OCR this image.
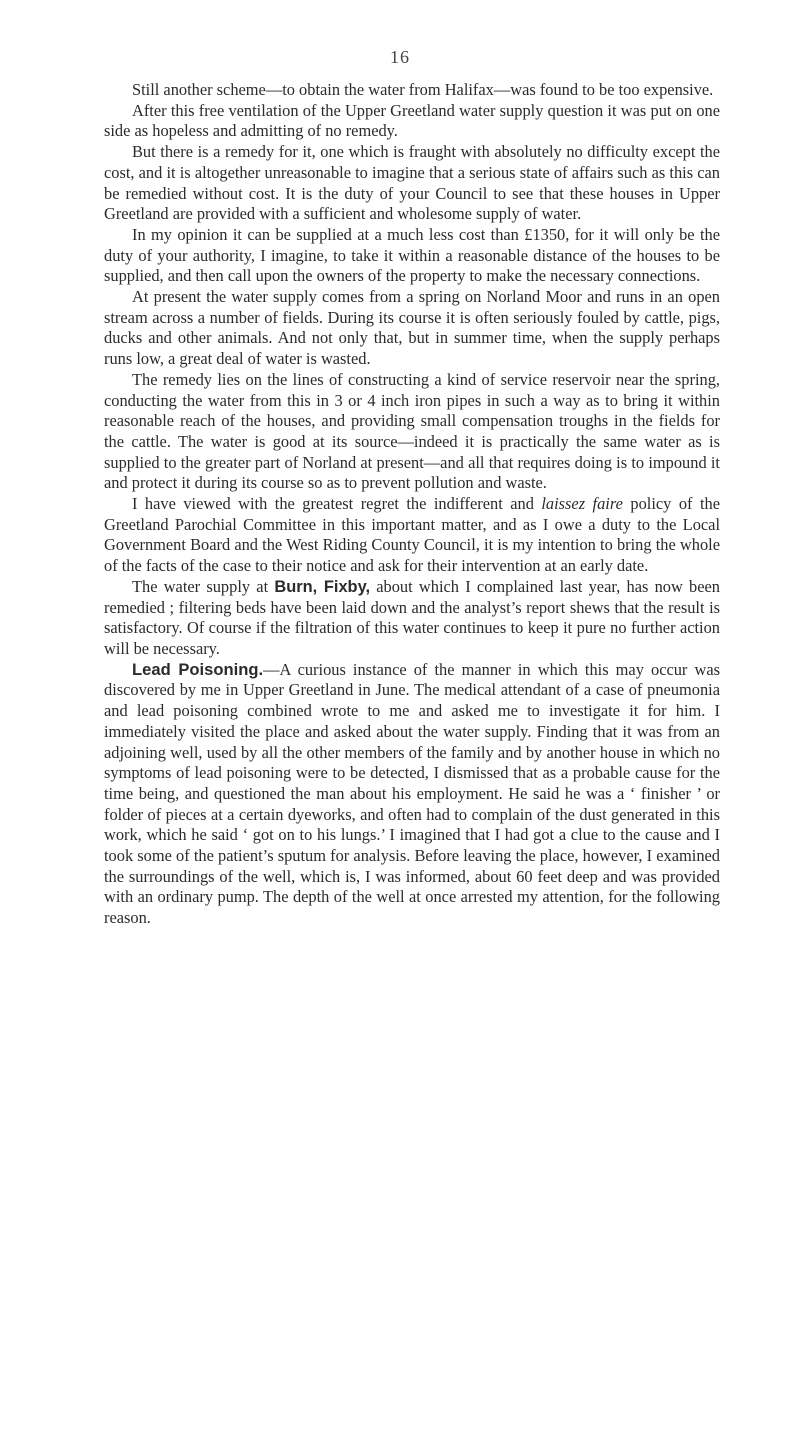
16

Still another scheme—to obtain the water from Halifax—was found to be too expensive.

After this free ventilation of the Upper Greetland water supply question it was put on one side as hopeless and admitting of no remedy.

But there is a remedy for it, one which is fraught with absolutely no difficulty except the cost, and it is altogether unreasonable to imagine that a serious state of affairs such as this can be remedied without cost. It is the duty of your Council to see that these houses in Upper Greetland are provided with a sufficient and wholesome supply of water.

In my opinion it can be supplied at a much less cost than £1350, for it will only be the duty of your authority, I imagine, to take it within a reasonable distance of the houses to be supplied, and then call upon the owners of the property to make the necessary connections.

At present the water supply comes from a spring on Norland Moor and runs in an open stream across a number of fields. During its course it is often seriously fouled by cattle, pigs, ducks and other animals. And not only that, but in summer time, when the supply perhaps runs low, a great deal of water is wasted.

The remedy lies on the lines of constructing a kind of service reservoir near the spring, conducting the water from this in 3 or 4 inch iron pipes in such a way as to bring it within reasonable reach of the houses, and providing small compensation troughs in the fields for the cattle. The water is good at its source—indeed it is practically the same water as is supplied to the greater part of Norland at present—and all that requires doing is to impound it and protect it during its course so as to prevent pollution and waste.

I have viewed with the greatest regret the indifferent and laissez faire policy of the Greetland Parochial Committee in this important matter, and as I owe a duty to the Local Government Board and the West Riding County Council, it is my intention to bring the whole of the facts of the case to their notice and ask for their intervention at an early date.

The water supply at Burn, Fixby, about which I complained last year, has now been remedied ; filtering beds have been laid down and the analyst’s report shews that the result is satisfactory. Of course if the filtration of this water continues to keep it pure no further action will be necessary.

Lead Poisoning.—A curious instance of the manner in which this may occur was discovered by me in Upper Greetland in June. The medical attendant of a case of pneumonia and lead poisoning combined wrote to me and asked me to investigate it for him. I immediately visited the place and asked about the water supply. Finding that it was from an adjoining well, used by all the other members of the family and by another house in which no symptoms of lead poisoning were to be detected, I dismissed that as a probable cause for the time being, and questioned the man about his employment. He said he was a ‘ finisher ’ or folder of pieces at a certain dyeworks, and often had to complain of the dust generated in this work, which he said ‘ got on to his lungs.’ I imagined that I had got a clue to the cause and I took some of the patient’s sputum for analysis. Before leaving the place, however, I examined the surroundings of the well, which is, I was informed, about 60 feet deep and was provided with an ordinary pump. The depth of the well at once arrested my attention, for the following reason.
